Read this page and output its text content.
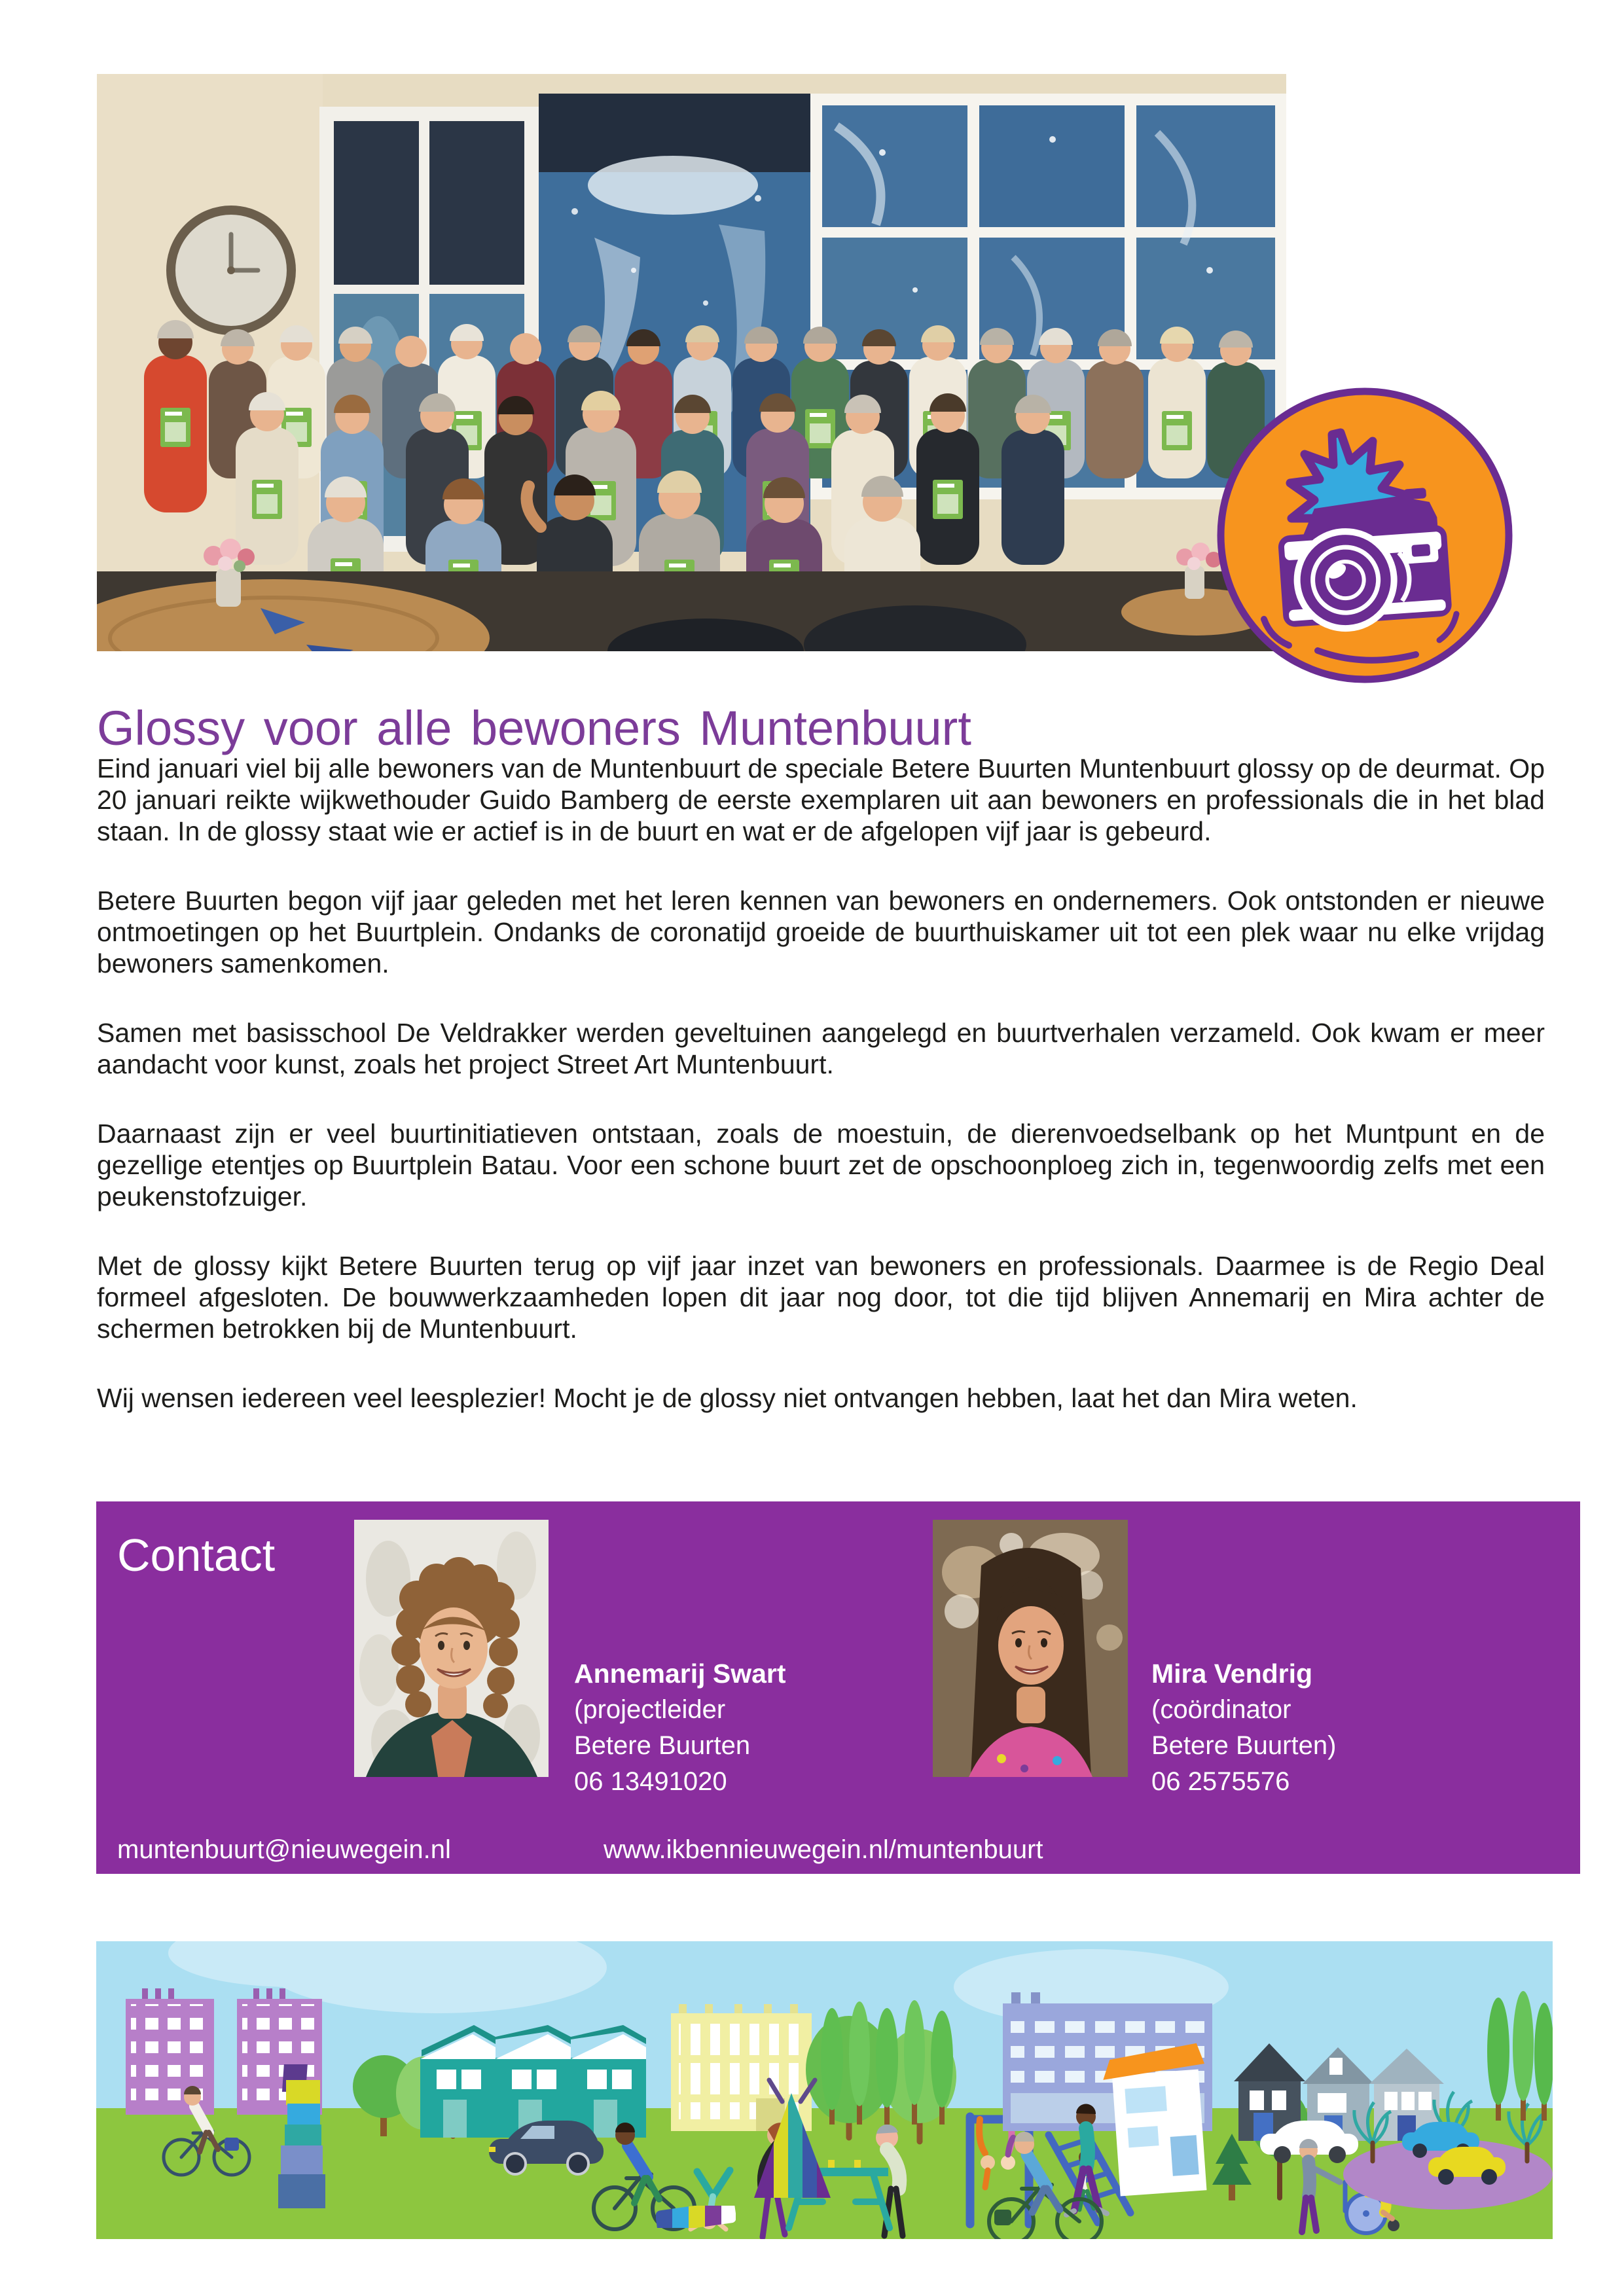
Glossy voor alle bewoners Muntenbuurt

Eind januari viel bij alle bewoners van de Muntenbuurt de speciale Betere Buurten Muntenbuurt glossy op de deurmat. Op 20 januari reikte wijkwethouder Guido Bamberg de eerste exemplaren uit aan bewoners en professionals die in het blad staan. In de glossy staat wie er actief is in de buurt en wat er de afgelopen vijf jaar is gebeurd.

Betere Buurten begon vijf jaar geleden met het leren kennen van bewoners en ondernemers. Ook ontstonden er nieuwe ontmoetingen op het Buurtplein. Ondanks de coronatijd groeide de buurthuiskamer uit tot een plek waar nu elke vrijdag bewoners samenkomen.

Samen met basisschool De Veldrakker werden geveltuinen aangelegd en buurtverhalen verzameld. Ook kwam er meer aandacht voor kunst, zoals het project Street Art Muntenbuurt.

Daarnaast zijn er veel buurtinitiatieven ontstaan, zoals de moestuin, de dierenvoedselbank op het Muntpunt en de gezellige etentjes op Buurtplein Batau. Voor een schone buurt zet de opschoonploeg zich in, tegenwoordig zelfs met een peukenstofzuiger.

Met de glossy kijkt Betere Buurten terug op vijf jaar inzet van bewoners en professionals. Daarmee is de Regio Deal formeel afgesloten. De bouwwerkzaamheden lopen dit jaar nog door, tot die tijd blijven Annemarij en Mira achter de schermen betrokken bij de Muntenbuurt.

Wij wensen iedereen veel leesplezier! Mocht je de glossy niet ontvangen hebben, laat het dan Mira weten.

Contact
Annemarij Swart
(projectleider
Betere Buurten
06 13491020
Mira Vendrig
(coördinator
Betere Buurten)
06 2575576
muntenbuurt@nieuwegein.nl	www.ikbennieuwegein.nl/muntenbuurt
